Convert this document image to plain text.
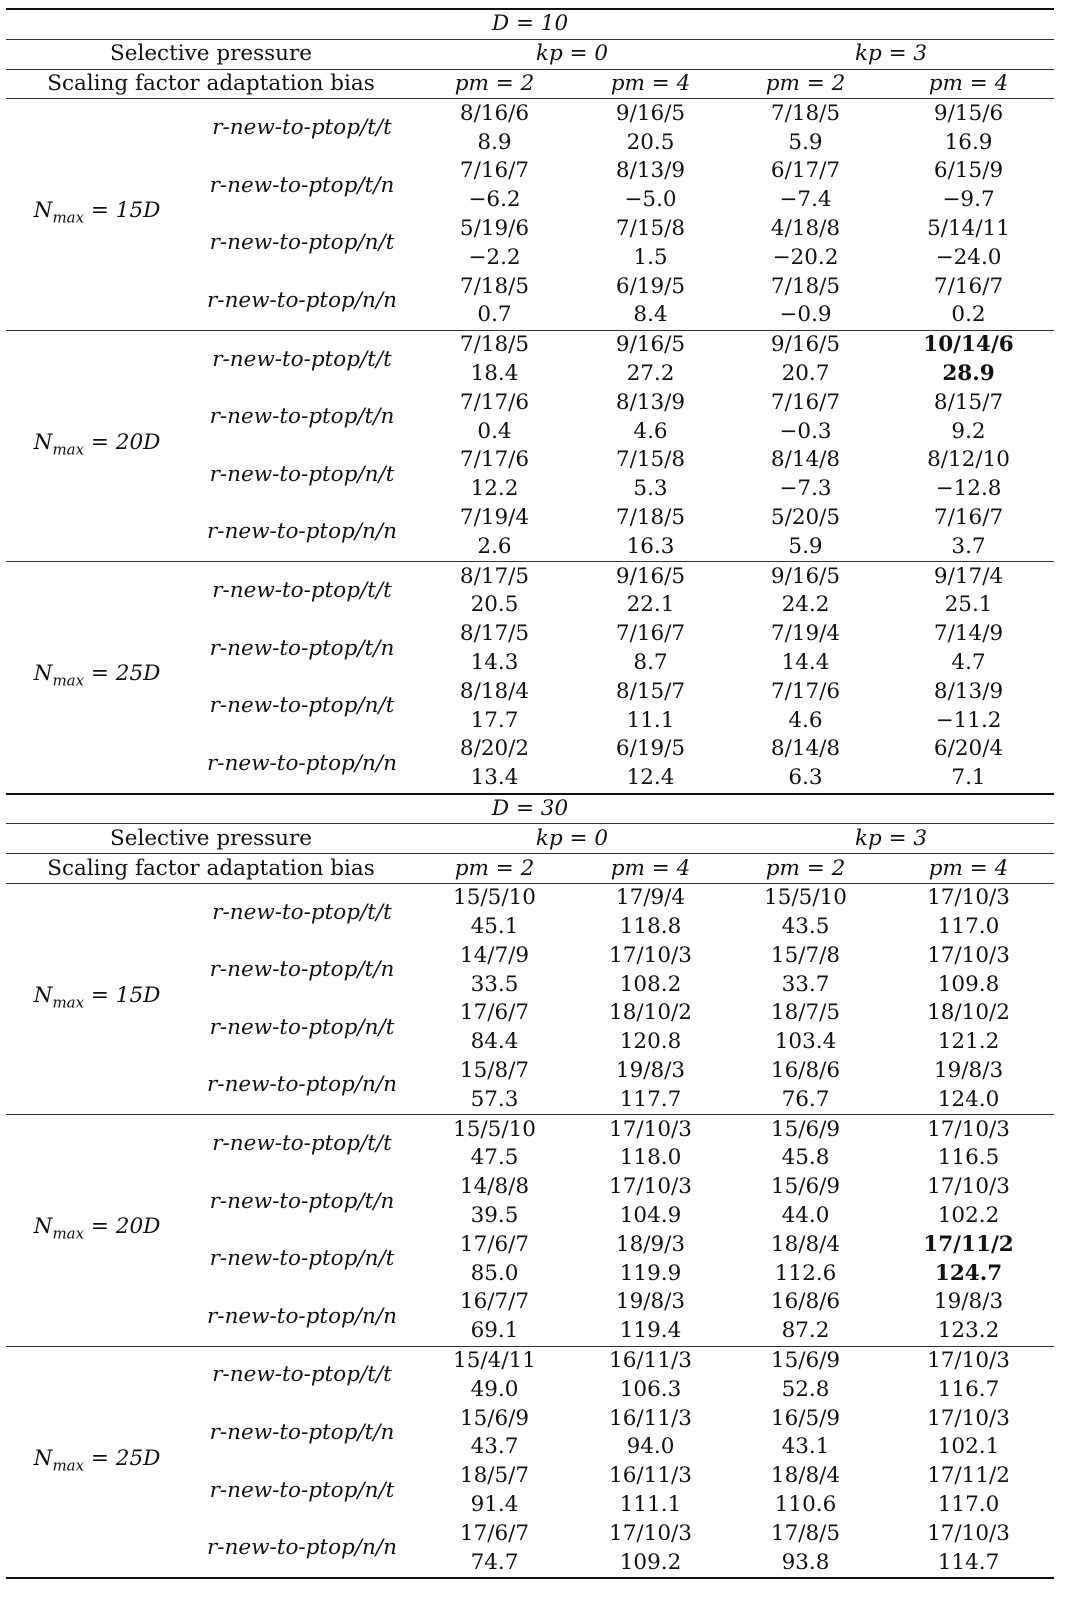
D = 10					
Selective pressure		kp = 0		kp = 3	
Scaling factor adaptation bias		pm = 2	pm = 4	pm = 2	pm = 4
$N_{max} = 15D$	r-new-to-ptop/t/t	8/16/6	9/16/5	7/18/5	9/15/6
		8.9	20.5	5.9	16.9
	r-new-to-ptop/t/n	7/16/7	8/13/9	6/17/7	6/15/9
		−6.2	−5.0	−7.4	−9.7
	r-new-to-ptop/n/t	5/19/6	7/15/8	4/18/8	5/14/11
		−2.2	1.5	−20.2	−24.0
	r-new-to-ptop/n/n	7/18/5	6/19/5	7/18/5	7/16/7
		0.7	8.4	−0.9	0.2
$N_{max} = 20D$	r-new-to-ptop/t/t	7/18/5	9/16/5	9/16/5	10/14/6
		18.4	27.2	20.7	28.9
	r-new-to-ptop/t/n	7/17/6	8/13/9	7/16/7	8/15/7
		0.4	4.6	−0.3	9.2
	r-new-to-ptop/n/t	7/17/6	7/15/8	8/14/8	8/12/10
		12.2	5.3	−7.3	−12.8
	r-new-to-ptop/n/n	7/19/4	7/18/5	5/20/5	7/16/7
		2.6	16.3	5.9	3.7
$N_{max} = 25D$	r-new-to-ptop/t/t	8/17/5	9/16/5	9/16/5	9/17/4
		20.5	22.1	24.2	25.1
	r-new-to-ptop/t/n	8/17/5	7/16/7	7/19/4	7/14/9
		14.3	8.7	14.4	4.7
	r-new-to-ptop/n/t	8/18/4	8/15/7	7/17/6	8/13/9
		17.7	11.1	4.6	−11.2
	r-new-to-ptop/n/n	8/20/2	6/19/5	8/14/8	6/20/4
		13.4	12.4	6.3	7.1
D = 30					
Selective pressure		kp = 0		kp = 3	
Scaling factor adaptation bias		pm = 2	pm = 4	pm = 2	pm = 4
$N_{max} = 15D$	r-new-to-ptop/t/t	15/5/10	17/9/4	15/5/10	17/10/3
		45.1	118.8	43.5	117.0
	r-new-to-ptop/t/n	14/7/9	17/10/3	15/7/8	17/10/3
		33.5	108.2	33.7	109.8
	r-new-to-ptop/n/t	17/6/7	18/10/2	18/7/5	18/10/2
		84.4	120.8	103.4	121.2
	r-new-to-ptop/n/n	15/8/7	19/8/3	16/8/6	19/8/3
		57.3	117.7	76.7	124.0
$N_{max} = 20D$	r-new-to-ptop/t/t	15/5/10	17/10/3	15/6/9	17/10/3
		47.5	118.0	45.8	116.5
	r-new-to-ptop/t/n	14/8/8	17/10/3	15/6/9	17/10/3
		39.5	104.9	44.0	102.2
	r-new-to-ptop/n/t	17/6/7	18/9/3	18/8/4	17/11/2
		85.0	119.9	112.6	124.7
	r-new-to-ptop/n/n	16/7/7	19/8/3	16/8/6	19/8/3
		69.1	119.4	87.2	123.2
$N_{max} = 25D$	r-new-to-ptop/t/t	15/4/11	16/11/3	15/6/9	17/10/3
		49.0	106.3	52.8	116.7
	r-new-to-ptop/t/n	15/6/9	16/11/3	16/5/9	17/10/3
		43.7	94.0	43.1	102.1
	r-new-to-ptop/n/t	18/5/7	16/11/3	18/8/4	17/11/2
		91.4	111.1	110.6	117.0
	r-new-to-ptop/n/n	17/6/7	17/10/3	17/8/5	17/10/3
		74.7	109.2	93.8	114.7
